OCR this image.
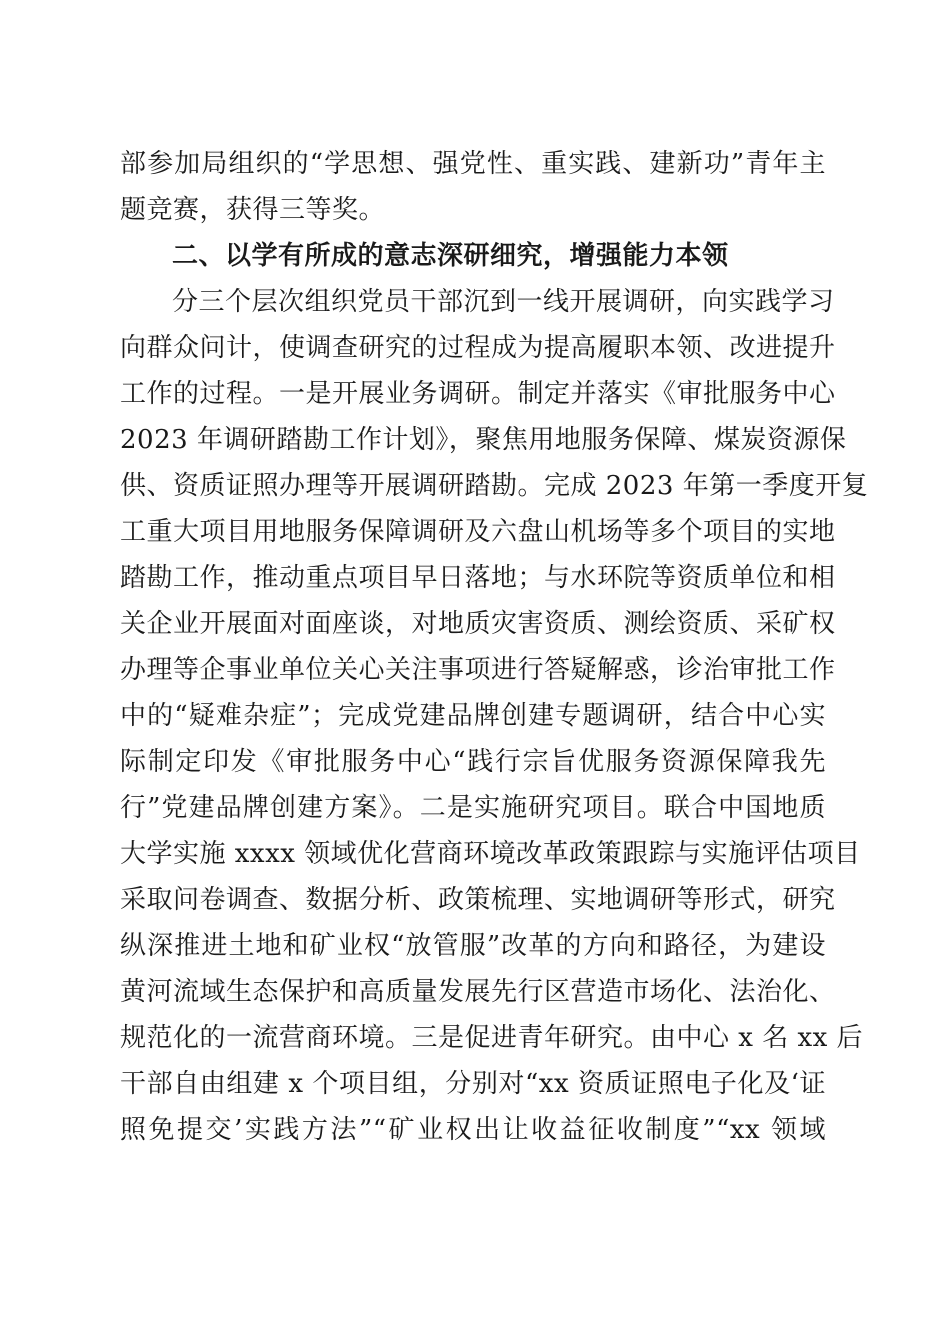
部参加局组织的“学思想、强党性、重实践、建新功”青年主
题竞赛，获得三等奖。
二、以学有所成的意志深研细究，增强能力本领
分三个层次组织党员干部沉到一线开展调研，向实践学习
向群众问计，使调查研究的过程成为提高履职本领、改进提升
工作的过程。一是开展业务调研。制定并落实《审批服务中心
2023 年调研踏勘工作计划》，聚焦用地服务保障、煤炭资源保
供、资质证照办理等开展调研踏勘。完成 2023 年第一季度开复
工重大项目用地服务保障调研及六盘山机场等多个项目的实地
踏勘工作，推动重点项目早日落地；与水环院等资质单位和相
关企业开展面对面座谈，对地质灾害资质、测绘资质、采矿权
办理等企事业单位关心关注事项进行答疑解惑，诊治审批工作
中的“疑难杂症”；完成党建品牌创建专题调研，结合中心实
际制定印发《审批服务中心“践行宗旨优服务资源保障我先
行”党建品牌创建方案》。二是实施研究项目。联合中国地质
大学实施 xxxx 领域优化营商环境改革政策跟踪与实施评估项目
采取问卷调查、数据分析、政策梳理、实地调研等形式，研究
纵深推进土地和矿业权“放管服”改革的方向和路径，为建设
黄河流域生态保护和高质量发展先行区营造市场化、法治化、
规范化的一流营商环境。三是促进青年研究。由中心 x 名 xx 后
干部自由组建 x 个项目组，分别对“xx 资质证照电子化及‘证
照免提交’实践方法”“矿业权出让收益征收制度”“xx 领域
